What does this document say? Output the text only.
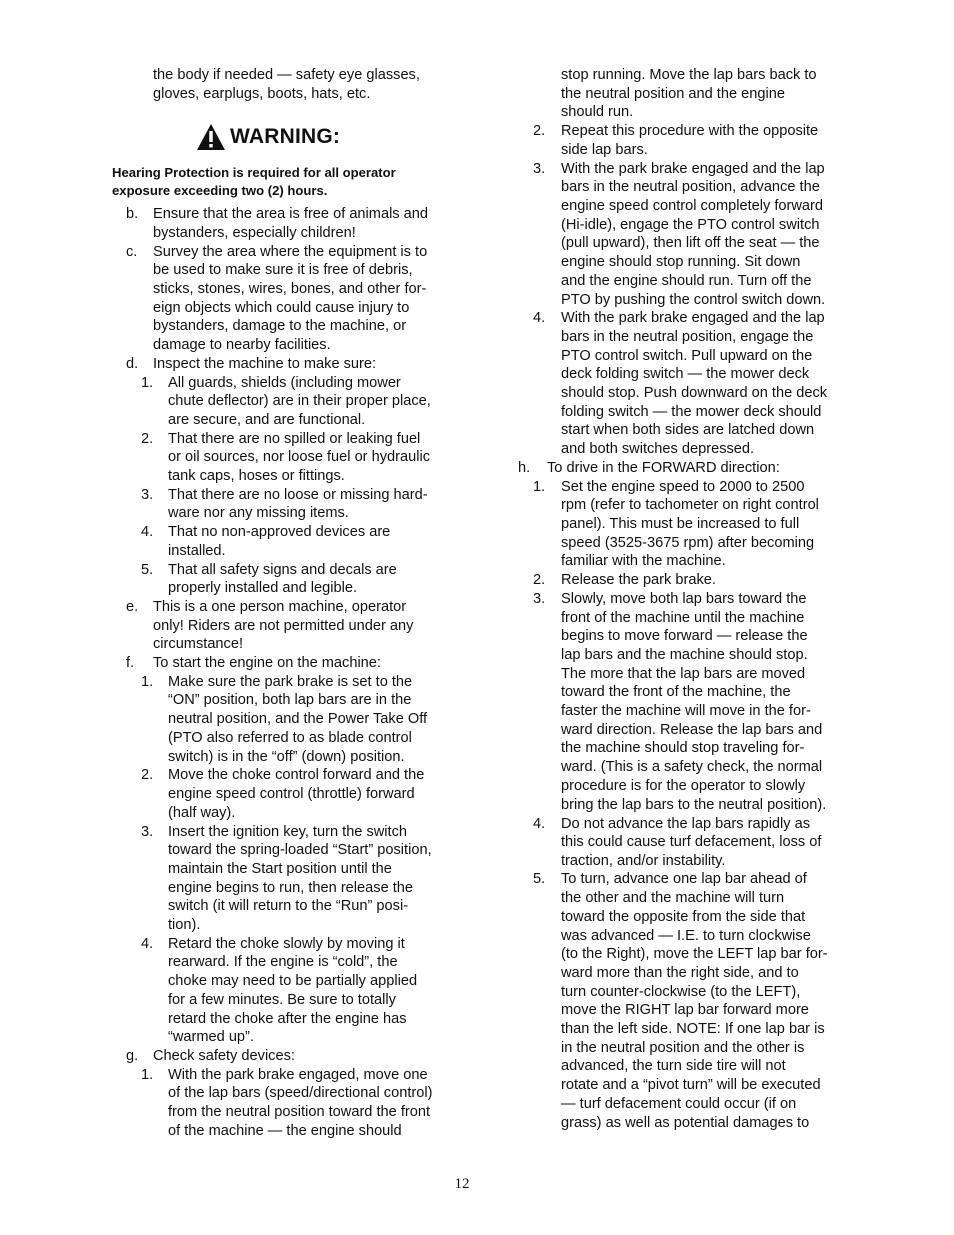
the body if needed — safety eye glasses,
gloves, earplugs, boots, hats, etc.
b. Ensure that the area is free of animals and
bystanders, especially children!
c. Survey the area where the equipment is to
be used to make sure it is free of debris,
sticks, stones, wires, bones, and other for-
eign objects which could cause injury to
bystanders, damage to the machine, or
damage to nearby facilities.
d. Inspect the machine to make sure:
1. All guards, shields (including mower
chute deflector) are in their proper place,
are secure, and are functional.
2. That there are no spilled or leaking fuel
or oil sources, nor loose fuel or hydraulic
tank caps, hoses or fittings.
3. That there are no loose or missing hard-
ware nor any missing items.
4. That no non-approved devices are
installed.
5. That all safety signs and decals are
properly installed and legible.
e. This is a one person machine, operator
only! Riders are not permitted under any
circumstance!
f. To start the engine on the machine:
1. Make sure the park brake is set to the
“ON” position, both lap bars are in the
neutral position, and the Power Take Off
(PTO also referred to as blade control
switch) is in the “off” (down) position.
2. Move the choke control forward and the
engine speed control (throttle) forward
(half way).
3. Insert the ignition key, turn the switch
toward the spring-loaded “Start” position,
maintain the Start position until the
engine begins to run, then release the
switch (it will return to the “Run” posi-
tion).
4. Retard the choke slowly by moving it
rearward. If the engine is “cold”, the
choke may need to be partially applied
for a few minutes. Be sure to totally
retard the choke after the engine has
“warmed up”.
g. Check safety devices:
1. With the park brake engaged, move one
of the lap bars (speed/directional control)
from the neutral position toward the front
of the machine — the engine should
WARNING:
Hearing Protection is required for all operator
exposure exceeding two (2) hours.
stop running. Move the lap bars back to
the neutral position and the engine
should run.
2. Repeat this procedure with the opposite
side lap bars.
3. With the park brake engaged and the lap
bars in the neutral position, advance the
engine speed control completely forward
(Hi-idle), engage the PTO control switch
(pull upward), then lift off the seat — the
engine should stop running. Sit down
and the engine should run. Turn off the
PTO by pushing the control switch down.
4. With the park brake engaged and the lap
bars in the neutral position, engage the
PTO control switch. Pull upward on the
deck folding switch — the mower deck
should stop. Push downward on the deck
folding switch — the mower deck should
start when both sides are latched down
and both switches depressed.
h. To drive in the FORWARD direction:
1. Set the engine speed to 2000 to 2500
rpm (refer to tachometer on right control
panel). This must be increased to full
speed (3525-3675 rpm) after becoming
familiar with the machine.
2. Release the park brake.
3. Slowly, move both lap bars toward the
front of the machine until the machine
begins to move forward — release the
lap bars and the machine should stop.
The more that the lap bars are moved
toward the front of the machine, the
faster the machine will move in the for-
ward direction. Release the lap bars and
the machine should stop traveling for-
ward. (This is a safety check, the normal
procedure is for the operator to slowly
bring the lap bars to the neutral position).
4. Do not advance the lap bars rapidly as
this could cause turf defacement, loss of
traction, and/or instability.
5. To turn, advance one lap bar ahead of
the other and the machine will turn
toward the opposite from the side that
was advanced — I.E. to turn clockwise
(to the Right), move the LEFT lap bar for-
ward more than the right side, and to
turn counter-clockwise (to the LEFT),
move the RIGHT lap bar forward more
than the left side. NOTE: If one lap bar is
in the neutral position and the other is
advanced, the turn side tire will not
rotate and a “pivot turn” will be executed
— turf defacement could occur (if on
grass) as well as potential damages to
12
